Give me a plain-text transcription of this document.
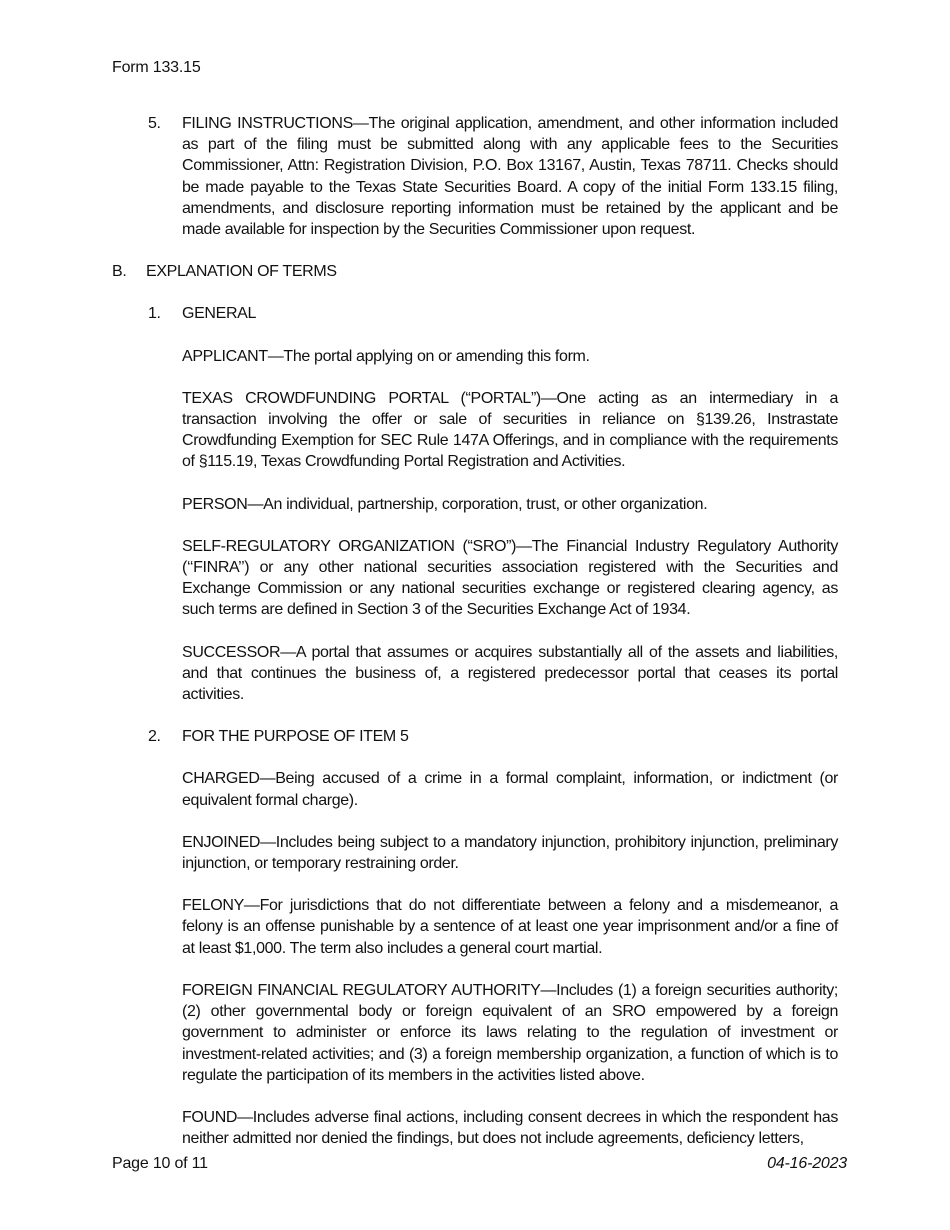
Form 133.15
5.	FILING INSTRUCTIONS—The original application, amendment, and other information included as part of the filing must be submitted along with any applicable fees to the Securities Commissioner, Attn: Registration Division, P.O. Box 13167, Austin, Texas 78711. Checks should be made payable to the Texas State Securities Board. A copy of the initial Form 133.15 filing, amendments, and disclosure reporting information must be retained by the applicant and be made available for inspection by the Securities Commissioner upon request.
B.	EXPLANATION OF TERMS
1.	GENERAL
APPLICANT—The portal applying on or amending this form.
TEXAS CROWDFUNDING PORTAL (“PORTAL”)—One acting as an intermediary in a transaction involving the offer or sale of securities in reliance on §139.26, Instrastate Crowdfunding Exemption for SEC Rule 147A Offerings, and in compliance with the requirements of §115.19, Texas Crowdfunding Portal Registration and Activities.
PERSON—An individual, partnership, corporation, trust, or other organization.
SELF-REGULATORY ORGANIZATION (“SRO”)—The Financial Industry Regulatory Authority (‘‘FINRA’’) or any other national securities association registered with the Securities and Exchange Commission or any national securities exchange or registered clearing agency, as such terms are defined in Section 3 of the Securities Exchange Act of 1934.
SUCCESSOR—A portal that assumes or acquires substantially all of the assets and liabilities, and that continues the business of, a registered predecessor portal that ceases its portal activities.
2.	FOR THE PURPOSE OF ITEM 5
CHARGED—Being accused of a crime in a formal complaint, information, or indictment (or equivalent formal charge).
ENJOINED—Includes being subject to a mandatory injunction, prohibitory injunction, preliminary injunction, or temporary restraining order.
FELONY—For jurisdictions that do not differentiate between a felony and a misdemeanor, a felony is an offense punishable by a sentence of at least one year imprisonment and/or a fine of at least $1,000. The term also includes a general court martial.
FOREIGN FINANCIAL REGULATORY AUTHORITY—Includes (1) a foreign securities authority; (2) other governmental body or foreign equivalent of an SRO empowered by a foreign government to administer or enforce its laws relating to the regulation of investment or investment-related activities; and (3) a foreign membership organization, a function of which is to regulate the participation of its members in the activities listed above.
FOUND—Includes adverse final actions, including consent decrees in which the respondent has neither admitted nor denied the findings, but does not include agreements, deficiency letters,
Page 10 of 11	04-16-2023
